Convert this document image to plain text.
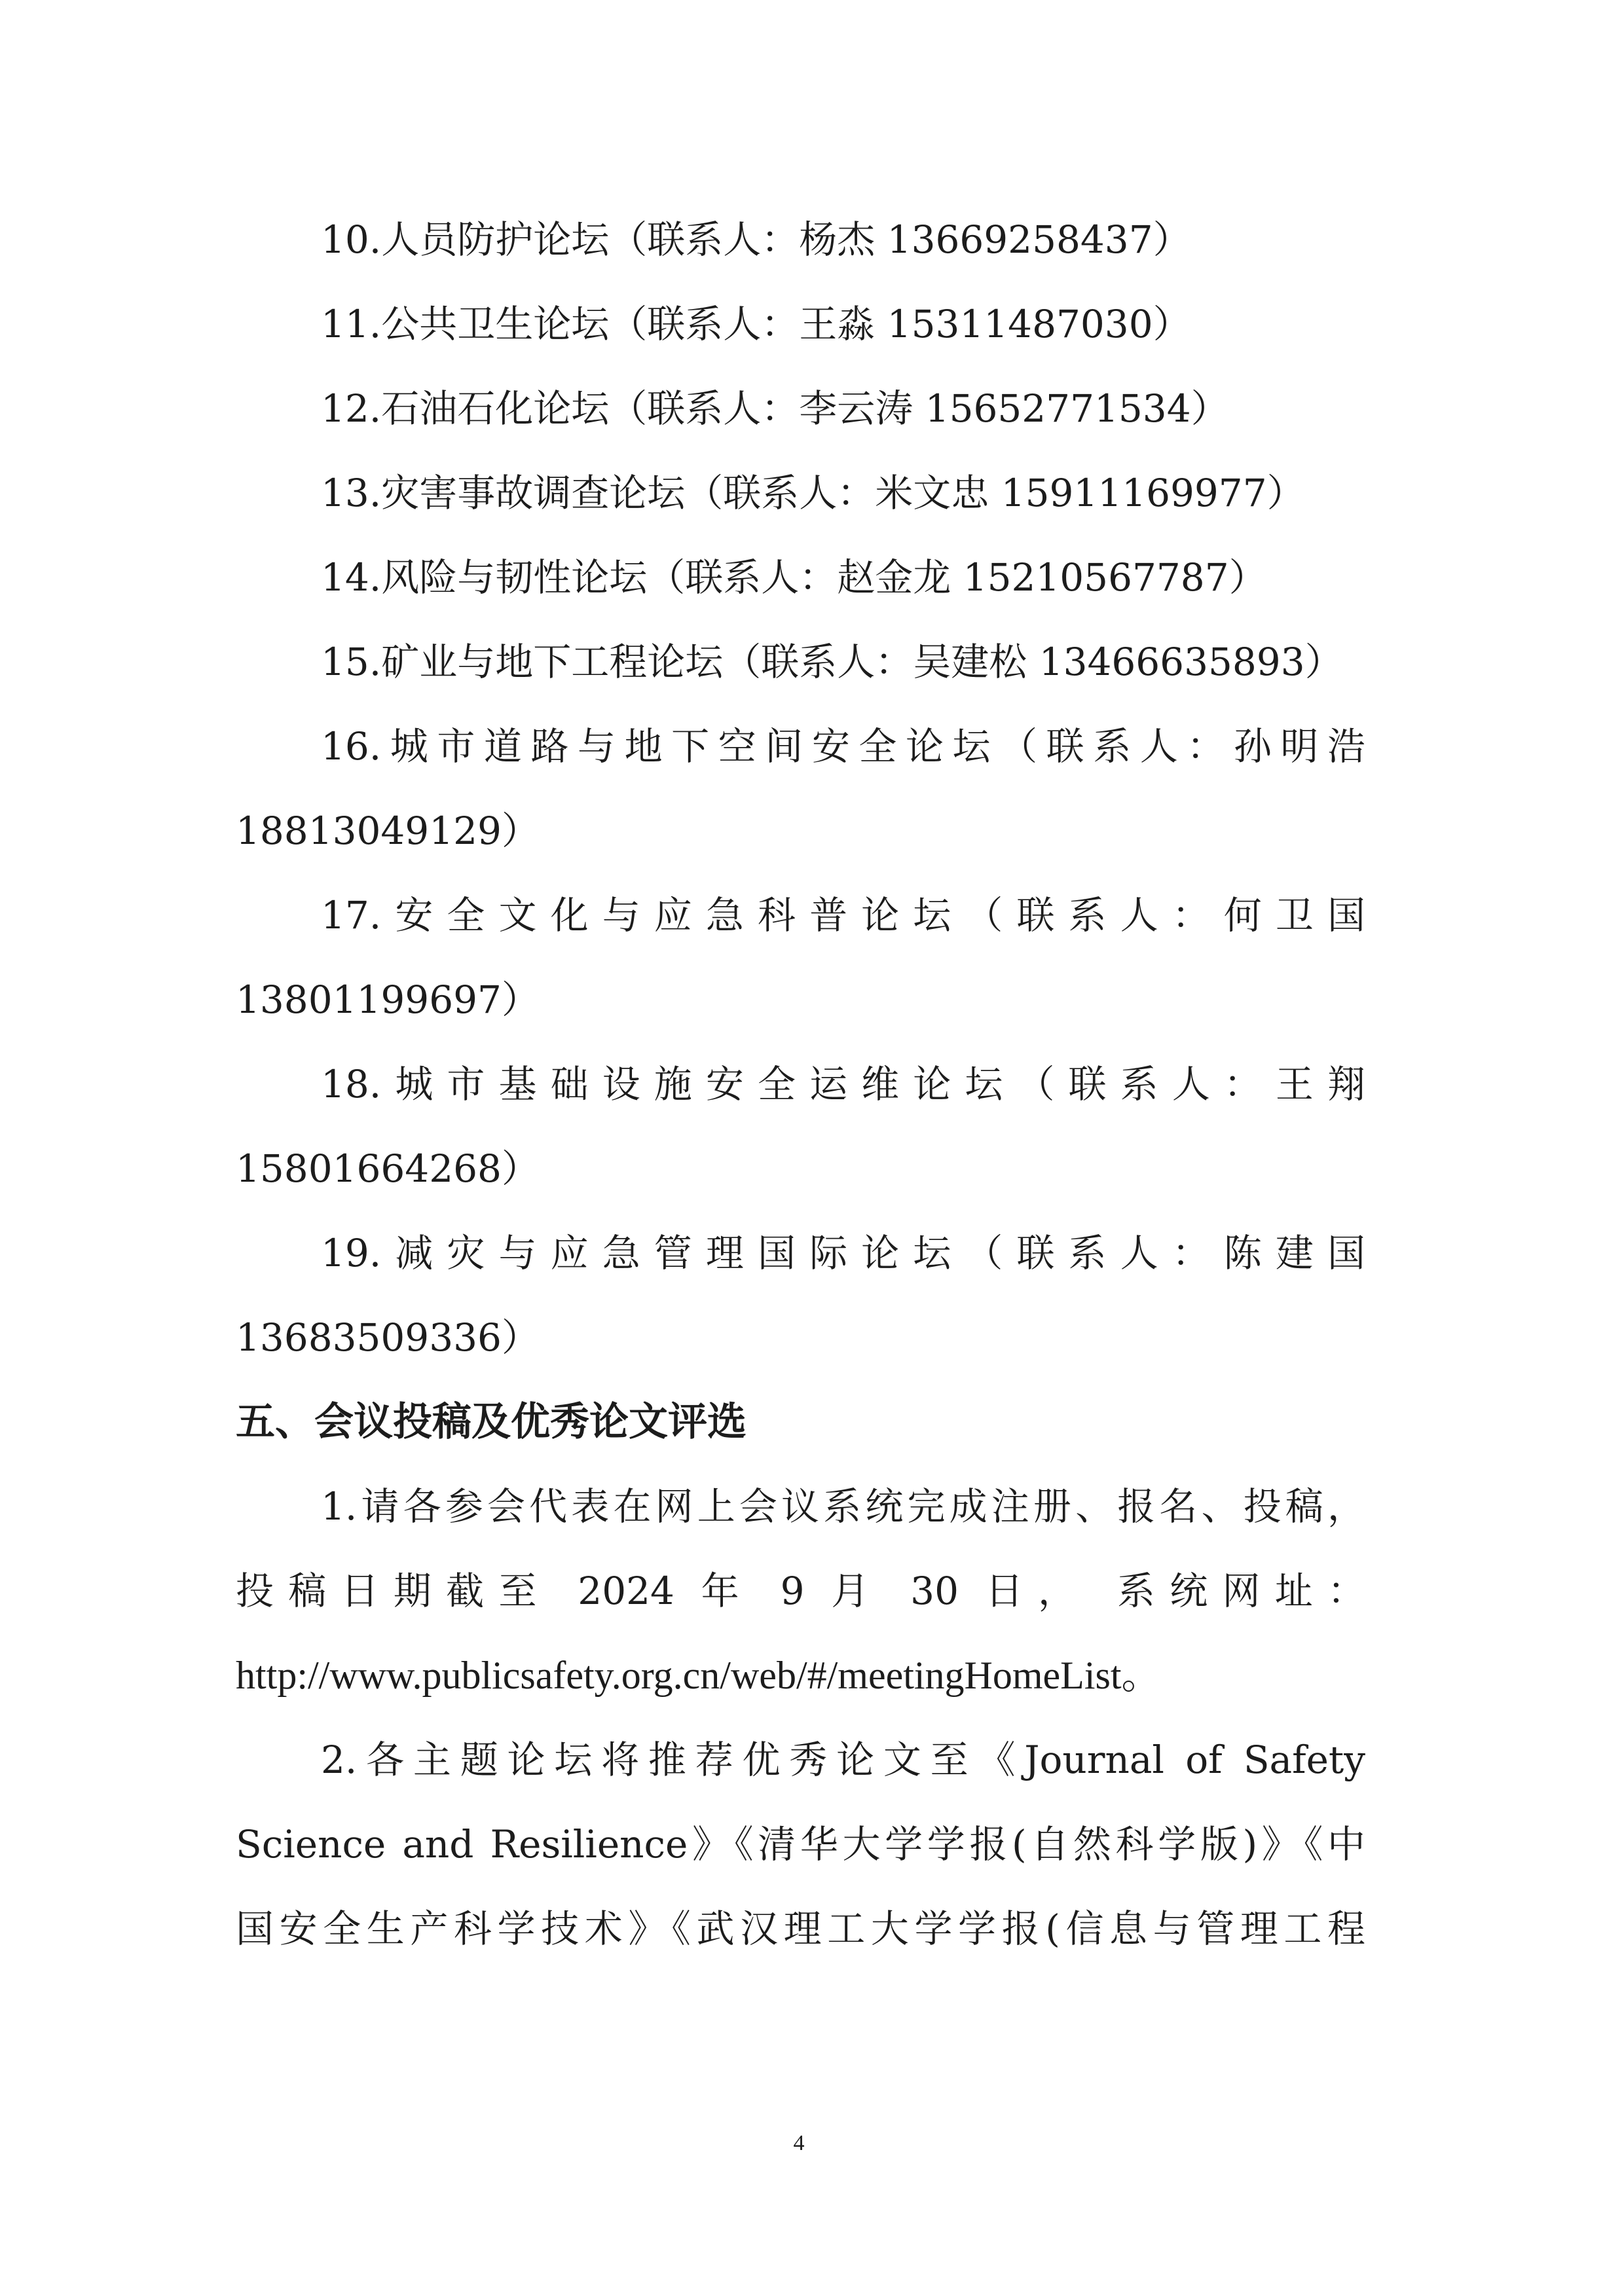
10.人员防护论坛（联系人：杨杰 13669258437）
11.公共卫生论坛（联系人：王淼 15311487030）
12.石油石化论坛（联系人：李云涛 15652771534）
13.灾害事故调查论坛（联系人：米文忠 15911169977）
14.风险与韧性论坛（联系人：赵金龙 15210567787）
15.矿业与地下工程论坛（联系人：吴建松 13466635893）
16.城市道路与地下空间安全论坛（联系人：孙明浩
18813049129）
17.安全文化与应急科普论坛（联系人：何卫国
13801199697）
18.城市基础设施安全运维论坛（联系人：王翔
15801664268）
19.减灾与应急管理国际论坛（联系人：陈建国
13683509336）
五、会议投稿及优秀论文评选
1.请各参会代表在网上会议系统完成注册、报名、投稿，
投稿日期截至 2024 年 9 月 30 日， 系统网址：
http://www.publicsafety.org.cn/web/#/meetingHomeList。
2.各主题论坛将推荐优秀论文至《Journal of Safety
Science and Resilience》《清华大学学报(自然科学版)》《中
国安全生产科学技术》《武汉理工大学学报(信息与管理工程
4
